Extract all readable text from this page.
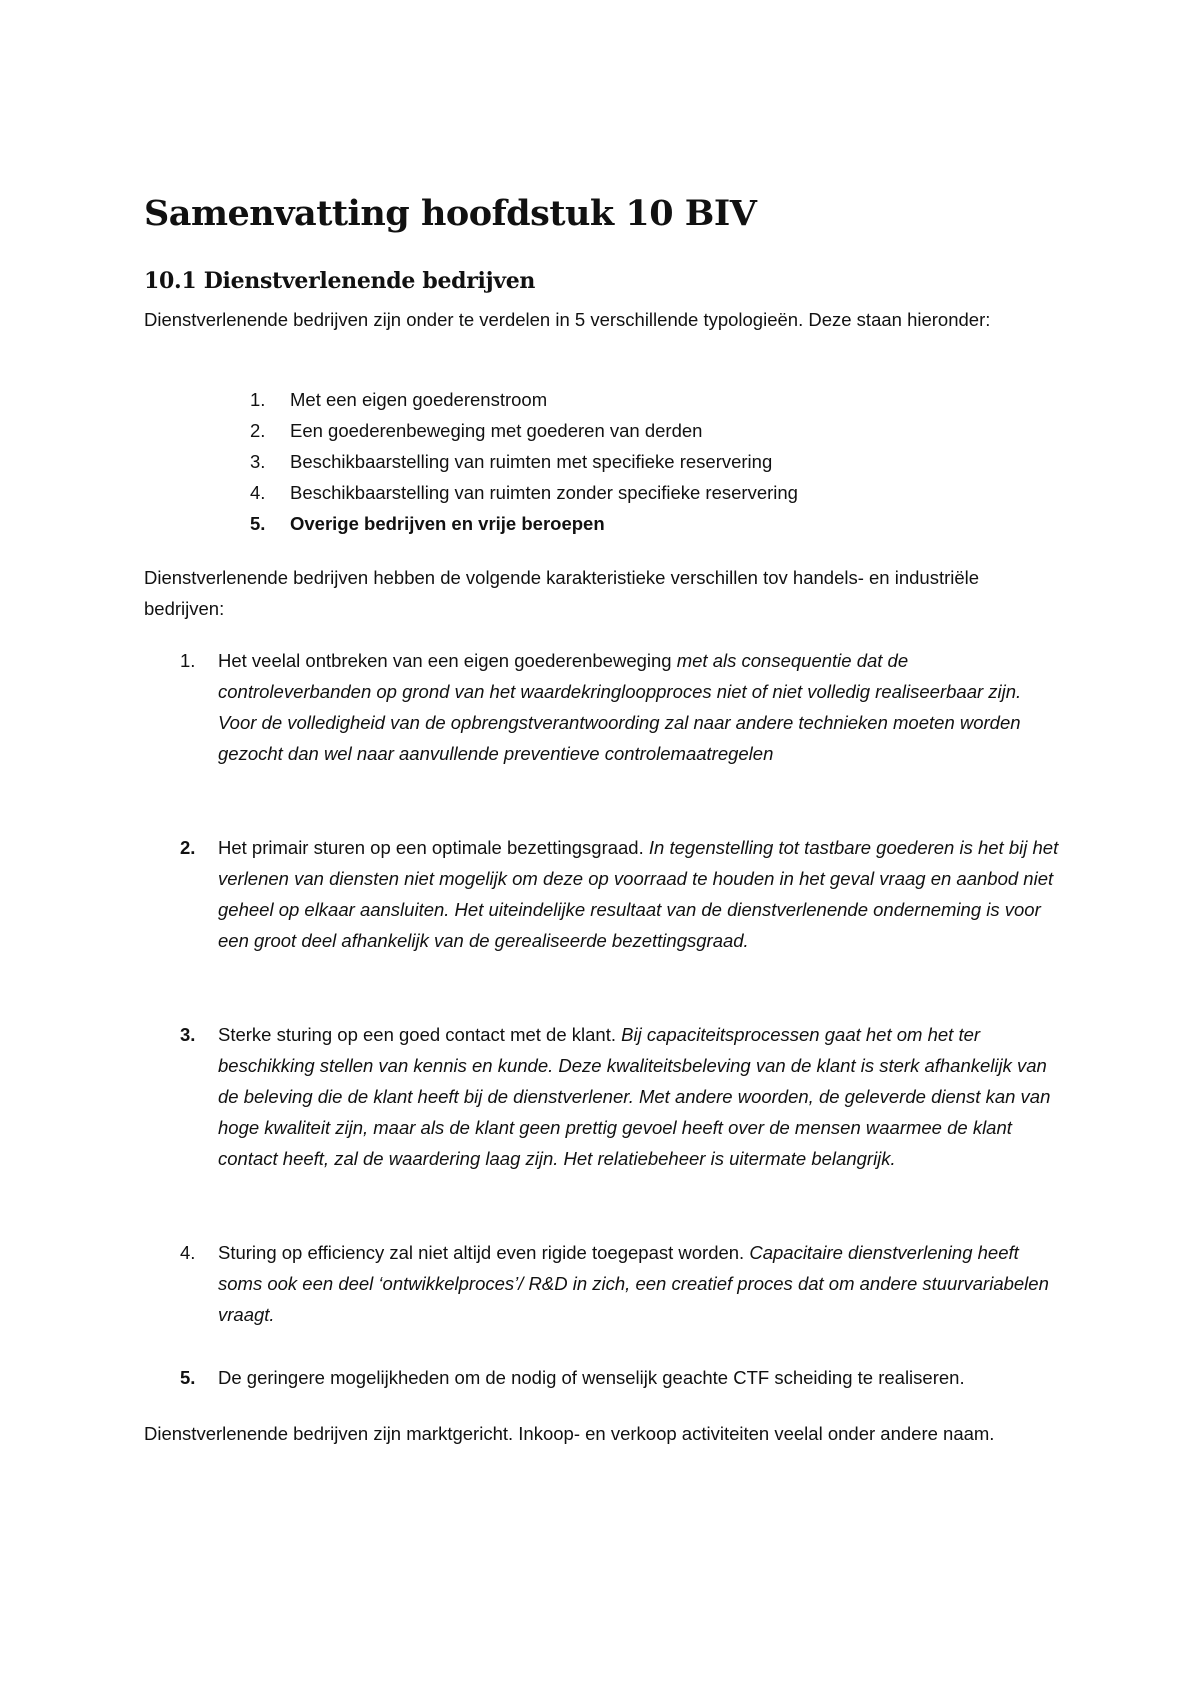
Samenvatting hoofdstuk 10 BIV
10.1 Dienstverlenende bedrijven

Dienstverlenende bedrijven zijn onder te verdelen in 5 verschillende typologieën. Deze staan hieronder:

1. Met een eigen goederenstroom
2. Een goederenbeweging met goederen van derden
3. Beschikbaarstelling van ruimten met specifieke reservering
4. Beschikbaarstelling van ruimten zonder specifieke reservering
5. Overige bedrijven en vrije beroepen

Dienstverlenende bedrijven hebben de volgende karakteristieke verschillen tov handels- en industriële bedrijven:

1. Het veelal ontbreken van een eigen goederenbeweging met als consequentie dat de controleverbanden op grond van het waardekringloopproces niet of niet volledig realiseerbaar zijn.
Voor de volledigheid van de opbrengstverantwoording zal naar andere technieken moeten worden gezocht dan wel naar aanvullende preventieve controlemaatregelen
2. Het primair sturen op een optimale bezettingsgraad. In tegenstelling tot tastbare goederen is het bij het verlenen van diensten niet mogelijk om deze op voorraad te houden in het geval vraag en aanbod niet geheel op elkaar aansluiten. Het uiteindelijke resultaat van de dienstverlenende onderneming is voor een groot deel afhankelijk van de gerealiseerde bezettingsgraad.
3. Sterke sturing op een goed contact met de klant. Bij capaciteitsprocessen gaat het om het ter beschikking stellen van kennis en kunde. Deze kwaliteitsbeleving van de klant is sterk afhankelijk van de beleving die de klant heeft bij de dienstverlener. Met andere woorden, de geleverde dienst kan van hoge kwaliteit zijn, maar als de klant geen prettig gevoel heeft over de mensen waarmee de klant contact heeft, zal de waardering laag zijn. Het relatiebeheer is uitermate belangrijk.
4. Sturing op efficiency zal niet altijd even rigide toegepast worden. Capacitaire dienstverlening heeft soms ook een deel ‘ontwikkelproces’/ R&D in zich, een creatief proces dat om andere stuurvariabelen vraagt.
5. De geringere mogelijkheden om de nodig of wenselijk geachte CTF scheiding te realiseren.

Dienstverlenende bedrijven zijn marktgericht. Inkoop- en verkoop activiteiten veelal onder andere naam.
